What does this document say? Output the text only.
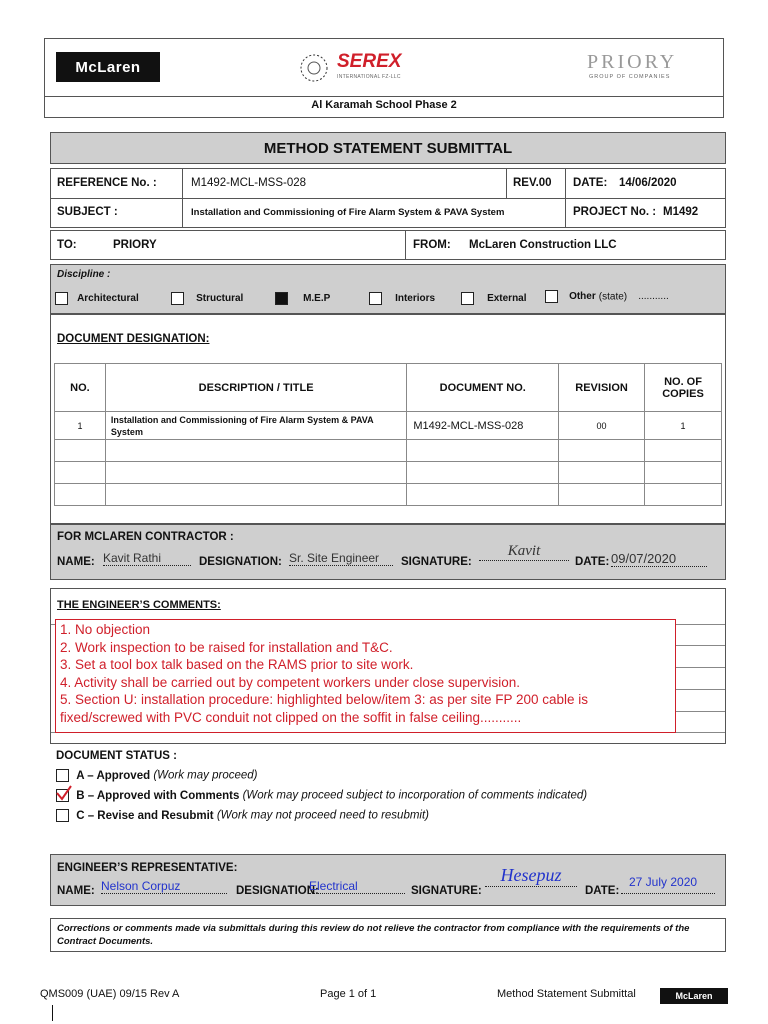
McLaren	SEREX
INTERNATIONAL FZ-LLC
PRIORY
GROUP OF COMPANIES
Al Karamah School Phase 2
METHOD STATEMENT SUBMITTAL
REFERENCE No. :	M1492-MCL-MSS-028	REV.00 DATE: 14/06/2020
SUBJECT :	Installation and Commissioning of Fire Alarm System & PAVA System	PROJECT No. : M1492
TO:	PRIORY	FROM: McLaren Construction LLC
Discipline :
Architectural	Structural	M.E.P	Interiors	External	Other (state) ...........
DOCUMENT DESIGNATION:
NO.	DESCRIPTION / TITLE	DOCUMENT NO.	REVISION	NO. OF COPIES
1	Installation and Commissioning of Fire Alarm System & PAVA System	M1492-MCL-MSS-028	00	1

FOR MCLAREN CONTRACTOR :
NAME: Kavit Rathi	DESIGNATION: Sr. Site Engineer	SIGNATURE:
Kavit
DATE: 09/07/2020
THE ENGINEER’S COMMENTS:
1. No objection
2. Work inspection to be raised for installation and T&C.
3. Set a tool box talk based on the RAMS prior to site work.
4. Activity shall be carried out by competent workers under close supervision.
5. Section U: installation procedure: highlighted below/item 3: as per site FP 200 cable is
fixed/screwed with PVC conduit not clipped on the soffit in false ceiling...........
DOCUMENT STATUS :
A – Approved (Work may proceed)
B – Approved with Comments (Work may proceed subject to incorporation of comments indicated)
C – Revise and Resubmit (Work may not proceed need to resubmit)
ENGINEER’S REPRESENTATIVE:
NAME: Nelson Corpuz	DESIGNATION:
Electrical	SIGNATURE:
Hesepuz
DATE:
27 July 2020
Corrections or comments made via submittals during this review do not relieve the contractor from compliance with the requirements of the Contract Documents.
QMS009 (UAE) 09/15 Rev A	Page 1 of 1	Method Statement Submittal	McLaren
